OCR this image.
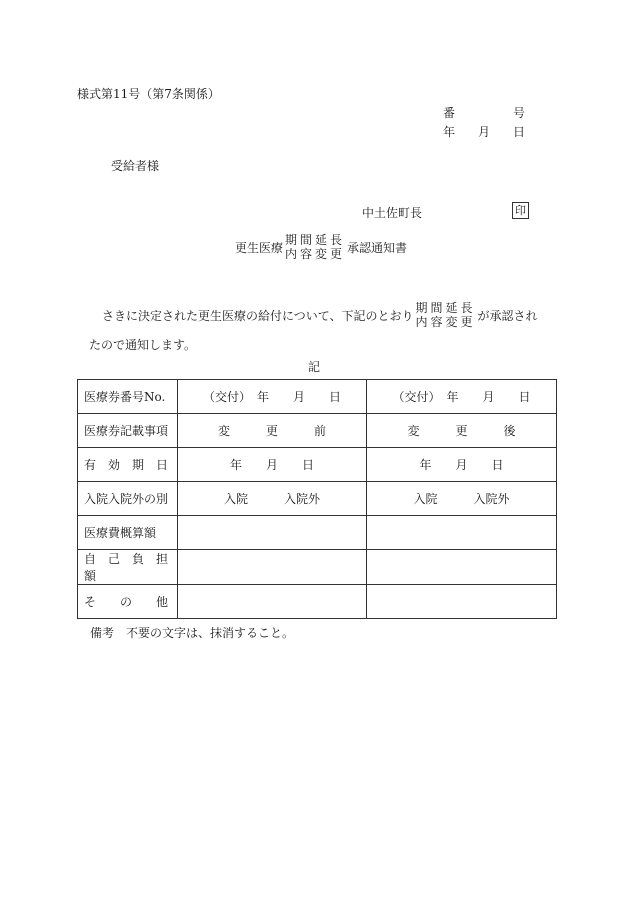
様式第11号（第7条関係）
番	号
年	月	日
受給者様
中土佐町長	印
更生医療
期間延長
内容変更 承認通知書
さきに決定された更生医療の給付について、下記のとおり
期間延長
内容変更 が承認され
たので通知します。
記
医療券番号No.	（交付）　年　　月　　日	（交付）　年　　月　　日
医療券記載事項	変　　　更　　　前	変　　　更　　　後
有　効　期　日	年　　月　　日	年　　月　　日
入院入院外の別	入院　　　入院外	入院　　　入院外
医療費概算額		
自　己　負　担　額		
そ　　の　　他		
備考　不要の文字は、抹消すること。
